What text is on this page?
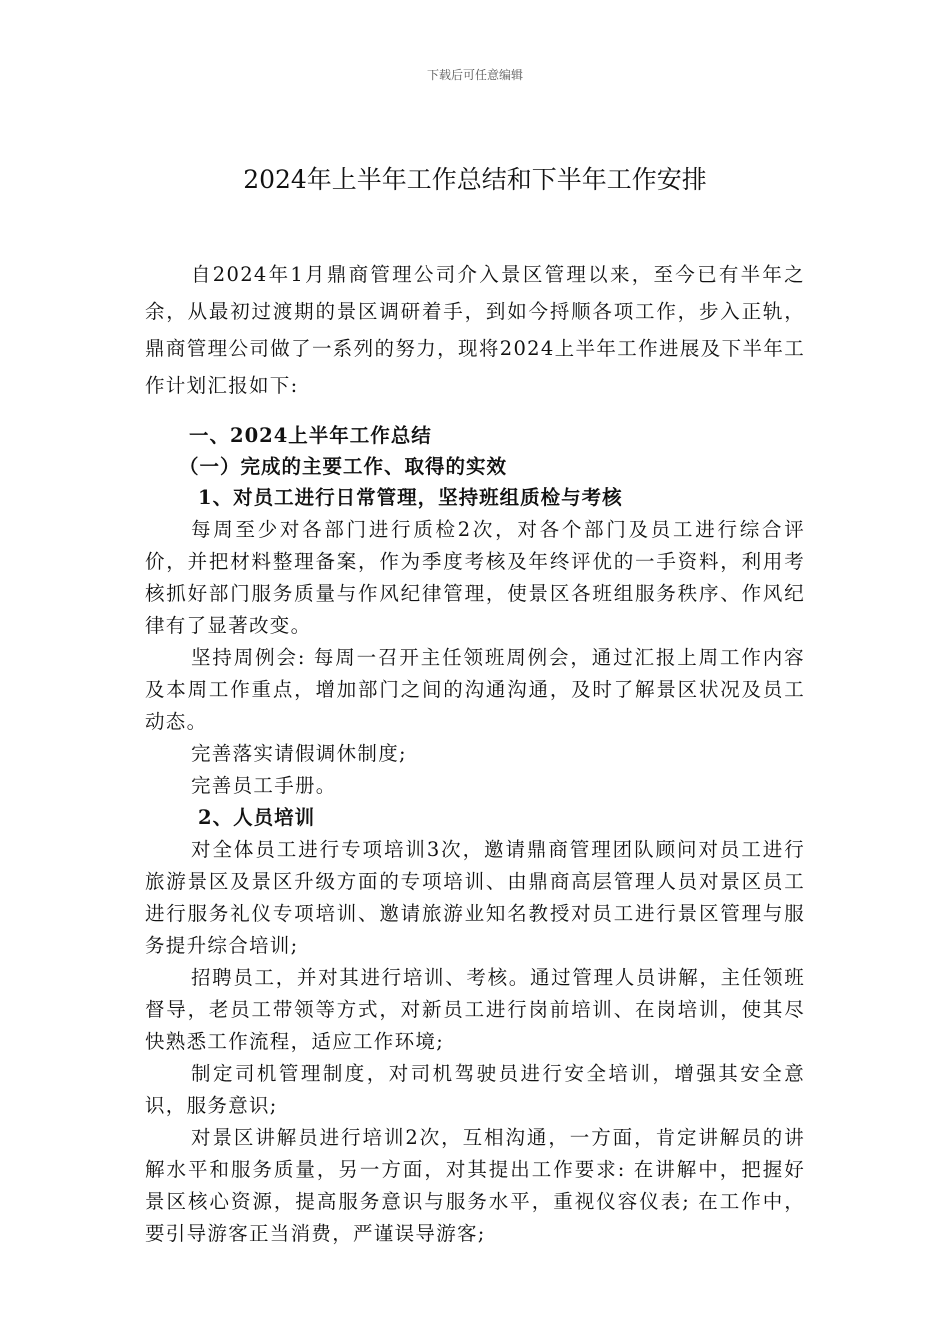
下载后可任意编辑
2024年上半年工作总结和下半年工作安排

自2024年1月鼎商管理公司介入景区管理以来，至今已有半年之余，从最初过渡期的景区调研着手，到如今捋顺各项工作，步入正轨，鼎商管理公司做了一系列的努力，现将2024上半年工作进展及下半年工作计划汇报如下:

一、2024上半年工作总结

（一）完成的主要工作、取得的实效

1、对员工进行日常管理，坚持班组质检与考核

每周至少对各部门进行质检2次，对各个部门及员工进行综合评价，并把材料整理备案，作为季度考核及年终评优的一手资料，利用考核抓好部门服务质量与作风纪律管理，使景区各班组服务秩序、作风纪律有了显著改变。

坚持周例会: 每周一召开主任领班周例会，通过汇报上周工作内容及本周工作重点，增加部门之间的沟通沟通，及时了解景区状况及员工动态。

完善落实请假调休制度;

完善员工手册。

2、人员培训

对全体员工进行专项培训3次，邀请鼎商管理团队顾问对员工进行旅游景区及景区升级方面的专项培训、由鼎商高层管理人员对景区员工进行服务礼仪专项培训、邀请旅游业知名教授对员工进行景区管理与服务提升综合培训;

招聘员工，并对其进行培训、考核。通过管理人员讲解，主任领班督导，老员工带领等方式，对新员工进行岗前培训、在岗培训，使其尽快熟悉工作流程，适应工作环境;

制定司机管理制度，对司机驾驶员进行安全培训，增强其安全意识，服务意识;

对景区讲解员进行培训2次，互相沟通，一方面，肯定讲解员的讲解水平和服务质量，另一方面，对其提出工作要求: 在讲解中，把握好景区核心资源，提高服务意识与服务水平，重视仪容仪表; 在工作中，要引导游客正当消费，严谨误导游客;
